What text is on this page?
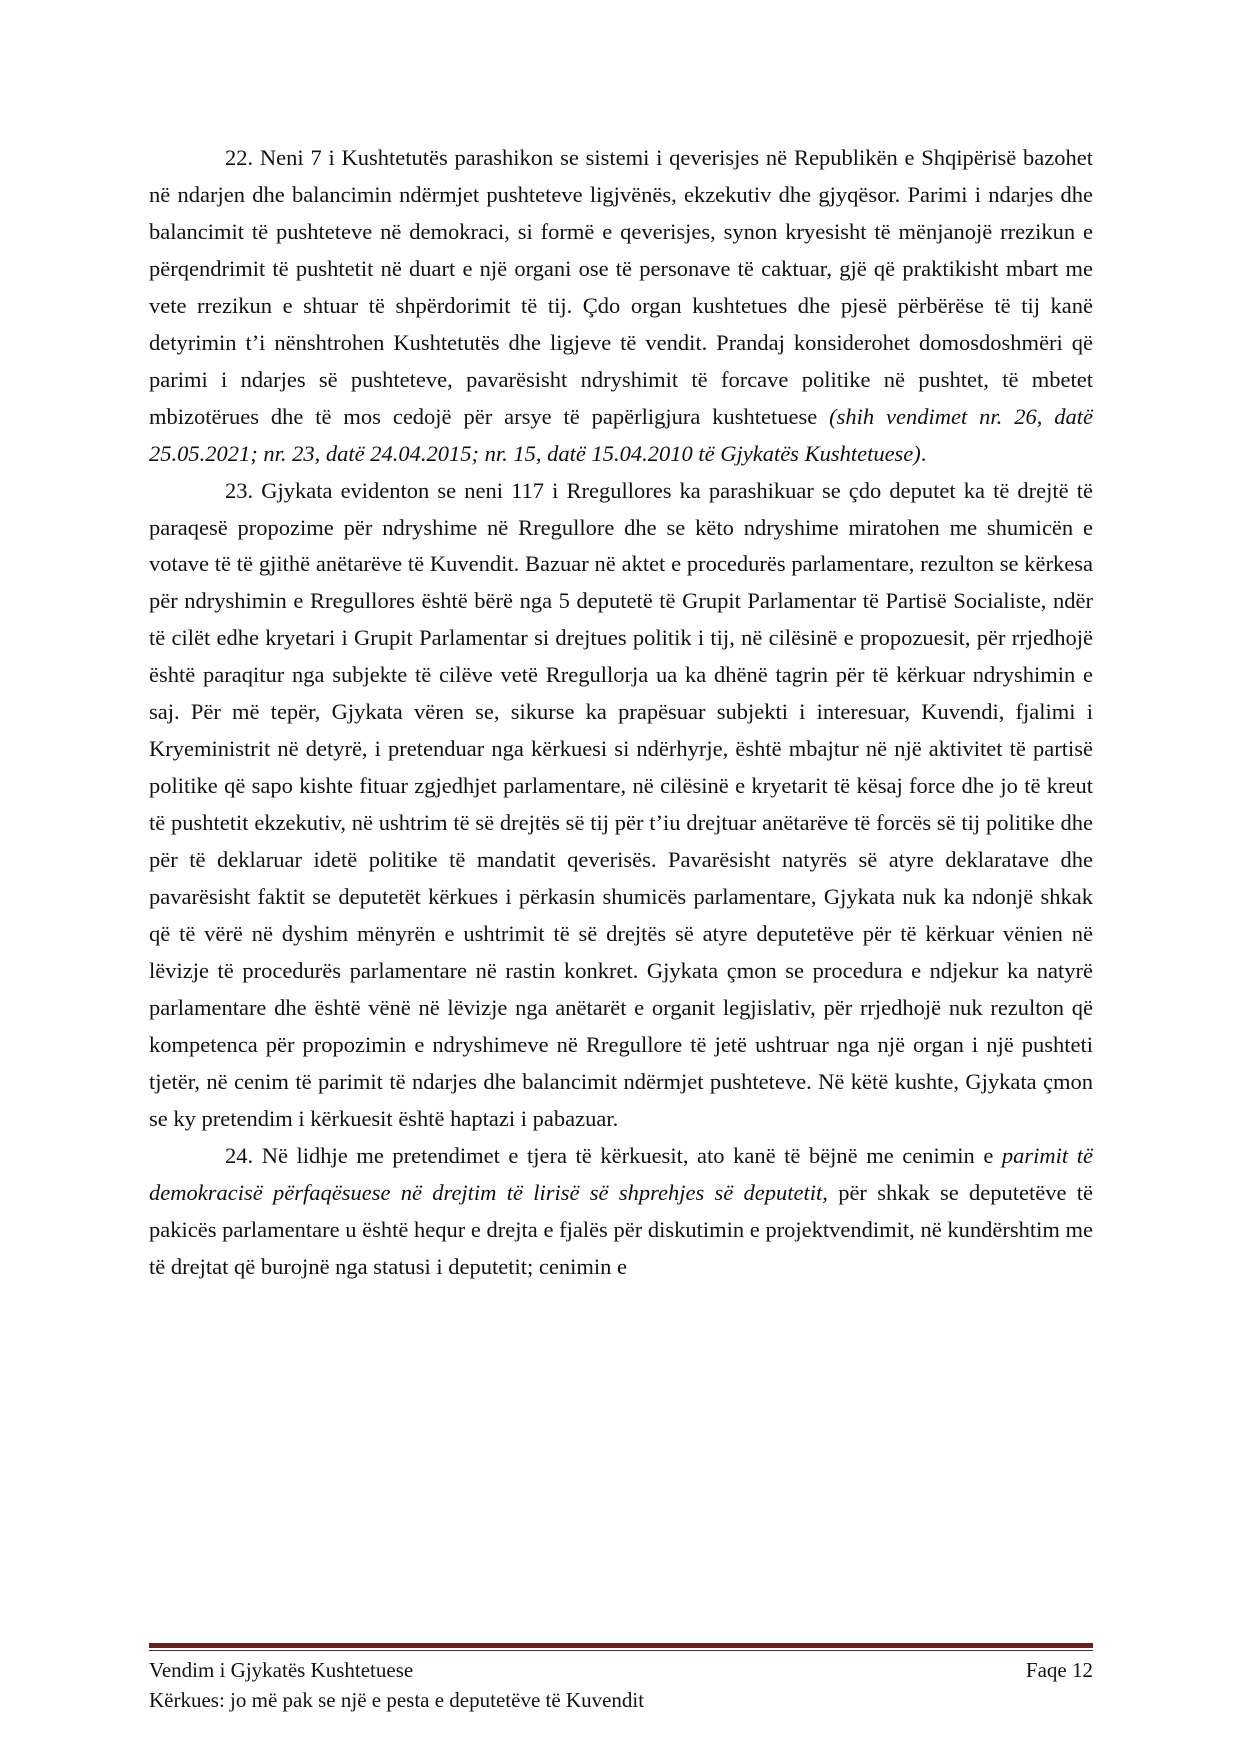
22. Neni 7 i Kushtetutës parashikon se sistemi i qeverisjes në Republikën e Shqipërisë bazohet në ndarjen dhe balancimin ndërmjet pushteteve ligjvënës, ekzekutiv dhe gjyqësor. Parimi i ndarjes dhe balancimit të pushteteve në demokraci, si formë e qeverisjes, synon kryesisht të mënjanojë rrezikun e përqendrimit të pushtetit në duart e një organi ose të personave të caktuar, gjë që praktikisht mbart me vete rrezikun e shtuar të shpërdorimit të tij. Çdo organ kushtetues dhe pjesë përbërëse të tij kanë detyrimin t’i nënshtrohen Kushtetutës dhe ligjeve të vendit. Prandaj konsiderohet domosdoshmëri që parimi i ndarjes së pushteteve, pavarësisht ndryshimit të forcave politike në pushtet, të mbetet mbizotërues dhe të mos cedojë për arsye të papërligjura kushtetuese (shih vendimet nr. 26, datë 25.05.2021; nr. 23, datë 24.04.2015; nr. 15, datë 15.04.2010 të Gjykatës Kushtetuese).

23. Gjykata evidenton se neni 117 i Rregullores ka parashikuar se çdo deputet ka të drejtë të paraqesë propozime për ndryshime në Rregullore dhe se këto ndryshime miratohen me shumicën e votave të të gjithë anëtarëve të Kuvendit. Bazuar në aktet e procedurës parlamentare, rezulton se kërkesa për ndryshimin e Rregullores është bërë nga 5 deputetë të Grupit Parlamentar të Partisë Socialiste, ndër të cilët edhe kryetari i Grupit Parlamentar si drejtues politik i tij, në cilësinë e propozuesit, për rrjedhojë është paraqitur nga subjekte të cilëve vetë Rregullorja ua ka dhënë tagrin për të kërkuar ndryshimin e saj. Për më tepër, Gjykata vëren se, sikurse ka prapësuar subjekti i interesuar, Kuvendi, fjalimi i Kryeministrit në detyrë, i pretenduar nga kërkuesi si ndërhyrje, është mbajtur në një aktivitet të partisë politike që sapo kishte fituar zgjedhjet parlamentare, në cilësinë e kryetarit të kësaj force dhe jo të kreut të pushtetit ekzekutiv, në ushtrim të së drejtës së tij për t’iu drejtuar anëtarëve të forcës së tij politike dhe për të deklaruar idetë politike të mandatit qeverisës. Pavarësisht natyrës së atyre deklaratave dhe pavarësisht faktit se deputetët kërkues i përkasin shumicës parlamentare, Gjykata nuk ka ndonjë shkak që të vërë në dyshim mënyrën e ushtrimit të së drejtës së atyre deputetëve për të kërkuar vënien në lëvizje të procedurës parlamentare në rastin konkret. Gjykata çmon se procedura e ndjekur ka natyrë parlamentare dhe është vënë në lëvizje nga anëtarët e organit legjislativ, për rrjedhojë nuk rezulton që kompetenca për propozimin e ndryshimeve në Rregullore të jetë ushtruar nga një organ i një pushteti tjetër, në cenim të parimit të ndarjes dhe balancimit ndërmjet pushteteve. Në këtë kushte, Gjykata çmon se ky pretendim i kërkuesit është haptazi i pabazuar.

24. Në lidhje me pretendimet e tjera të kërkuesit, ato kanë të bëjnë me cenimin e parimit të demokracisë përfaqësuese në drejtim të lirisë së shprehjes së deputetit, për shkak se deputetëve të pakicës parlamentare u është hequr e drejta e fjalës për diskutimin e projektvendimit, në kundërshtim me të drejtat që burojnë nga statusi i deputetit; cenimin e

Vendim i Gjykatës Kushtetuese	Faqe 12
Kërkues: jo më pak se një e pesta e deputetëve të Kuvendit
